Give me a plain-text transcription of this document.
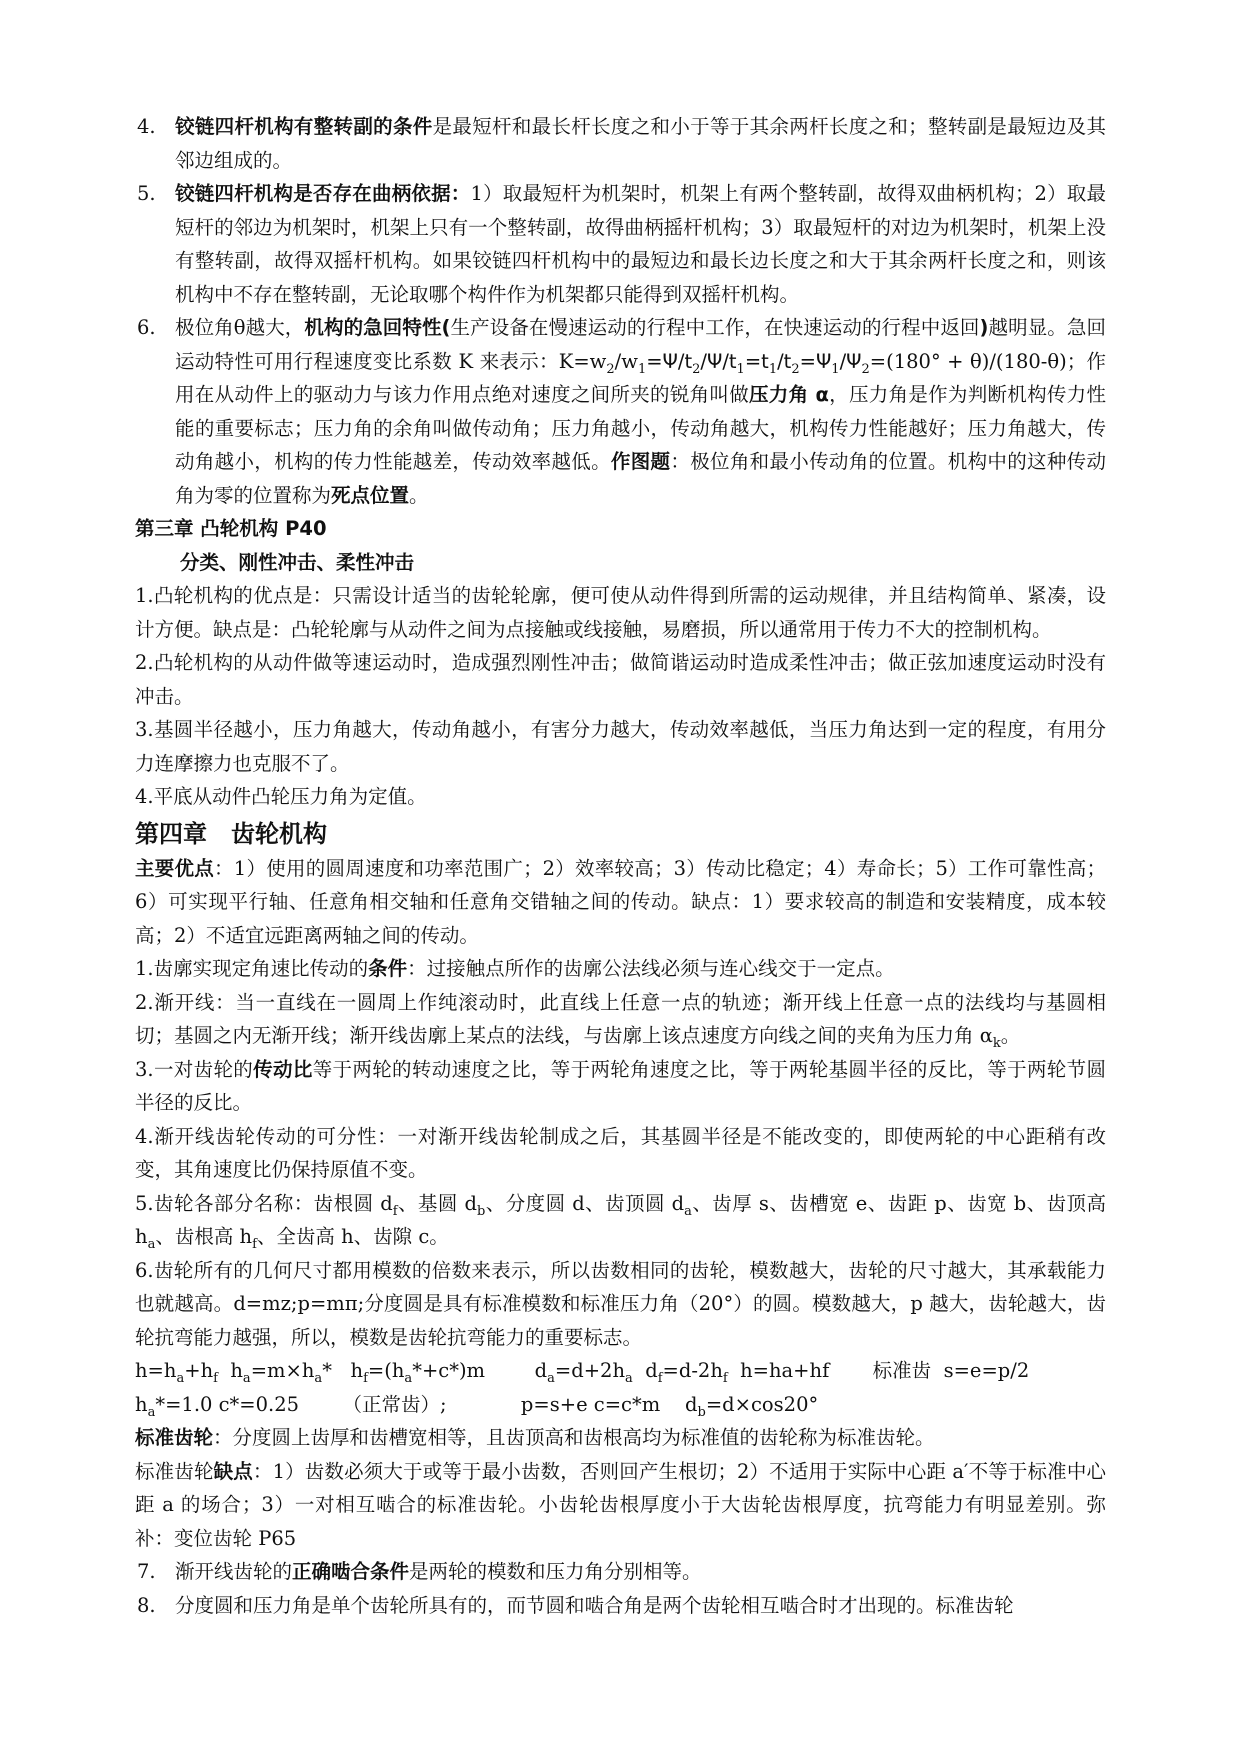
4. 铰链四杆机构有整转副的条件是最短杆和最长杆长度之和小于等于其余两杆长度之和；整转副是最短边及其邻边组成的。
5. 铰链四杆机构是否存在曲柄依据：1）取最短杆为机架时，机架上有两个整转副，故得双曲柄机构；2）取最短杆的邻边为机架时，机架上只有一个整转副，故得曲柄摇杆机构；3）取最短杆的对边为机架时，机架上没有整转副，故得双摇杆机构。如果铰链四杆机构中的最短边和最长边长度之和大于其余两杆长度之和，则该机构中不存在整转副，无论取哪个构件作为机架都只能得到双摇杆机构。
6. 极位角θ越大，机构的急回特性(生产设备在慢速运动的行程中工作，在快速运动的行程中返回)越明显。急回运动特性可用行程速度变比系数 K 来表示：$K=w_2/w_1=\Psi/t_2/\Psi/t_1=t_1/t_2=\Psi_1/\Psi_2=(180^\circ + \theta)/(180-\theta)$；作用在从动件上的驱动力与该力作用点绝对速度之间所夹的锐角叫做压力角 α，压力角是作为判断机构传力性能的重要标志；压力角的余角叫做传动角；压力角越小，传动角越大，机构传力性能越好；压力角越大，传动角越小，机构的传力性能越差，传动效率越低。作图题：极位角和最小传动角的位置。机构中的这种传动角为零的位置称为死点位置。
第三章 凸轮机构 P40
分类、刚性冲击、柔性冲击
1.凸轮机构的优点是：只需设计适当的齿轮轮廓，便可使从动件得到所需的运动规律，并且结构简单、紧凑，设计方便。缺点是：凸轮轮廓与从动件之间为点接触或线接触，易磨损，所以通常用于传力不大的控制机构。
2.凸轮机构的从动件做等速运动时，造成强烈刚性冲击；做简谐运动时造成柔性冲击；做正弦加速度运动时没有冲击。
3.基圆半径越小，压力角越大，传动角越小，有害分力越大，传动效率越低，当压力角达到一定的程度，有用分力连摩擦力也克服不了。
4.平底从动件凸轮压力角为定值。
第四章　齿轮机构
主要优点：1）使用的圆周速度和功率范围广；2）效率较高；3）传动比稳定；4）寿命长；5）工作可靠性高；6）可实现平行轴、任意角相交轴和任意角交错轴之间的传动。缺点：1）要求较高的制造和安装精度，成本较高；2）不适宜远距离两轴之间的传动。
1.齿廓实现定角速比传动的条件：过接触点所作的齿廓公法线必须与连心线交于一定点。
2.渐开线：当一直线在一圆周上作纯滚动时，此直线上任意一点的轨迹；渐开线上任意一点的法线均与基圆相切；基圆之内无渐开线；渐开线齿廓上某点的法线，与齿廓上该点速度方向线之间的夹角为压力角 $\alpha_k$。
3.一对齿轮的传动比等于两轮的转动速度之比，等于两轮角速度之比，等于两轮基圆半径的反比，等于两轮节圆半径的反比。
4.渐开线齿轮传动的可分性：一对渐开线齿轮制成之后，其基圆半径是不能改变的，即使两轮的中心距稍有改变，其角速度比仍保持原值不变。
5.齿轮各部分名称：齿根圆 $d_f$、基圆 $d_b$、分度圆 d、齿顶圆 $d_a$、齿厚 s、齿槽宽 e、齿距 p、齿宽 b、齿顶高 $h_a$、齿根高 $h_f$、全齿高 h、齿隙 c。
6.齿轮所有的几何尺寸都用模数的倍数来表示，所以齿数相同的齿轮，模数越大，齿轮的尺寸越大，其承载能力也就越高。d=mz;p=mπ;分度圆是具有标准模数和标准压力角（20°）的圆。模数越大，p 越大，齿轮越大，齿轮抗弯能力越强，所以，模数是齿轮抗弯能力的重要标志。
$h=h_a+h_f$  $h_a=m\times h_a*$   $h_f=(h_a*+c*)m$        $d_a=d+2h_a$  $d_f=d-2h_f$  h=ha+hf       标准齿  s=e=p/2
$h_a*=1.0$ c*=0.25       （正常齿）;            p=s+e c=c*m    $d_b=d\times\cos 20^\circ$
标准齿轮：分度圆上齿厚和齿槽宽相等，且齿顶高和齿根高均为标准值的齿轮称为标准齿轮。
标准齿轮缺点：1）齿数必须大于或等于最小齿数，否则回产生根切；2）不适用于实际中心距 a′不等于标准中心距 a 的场合；3）一对相互啮合的标准齿轮。小齿轮齿根厚度小于大齿轮齿根厚度，抗弯能力有明显差别。弥补：变位齿轮 P65
7. 渐开线齿轮的正确啮合条件是两轮的模数和压力角分别相等。
8. 分度圆和压力角是单个齿轮所具有的，而节圆和啮合角是两个齿轮相互啮合时才出现的。标准齿轮
